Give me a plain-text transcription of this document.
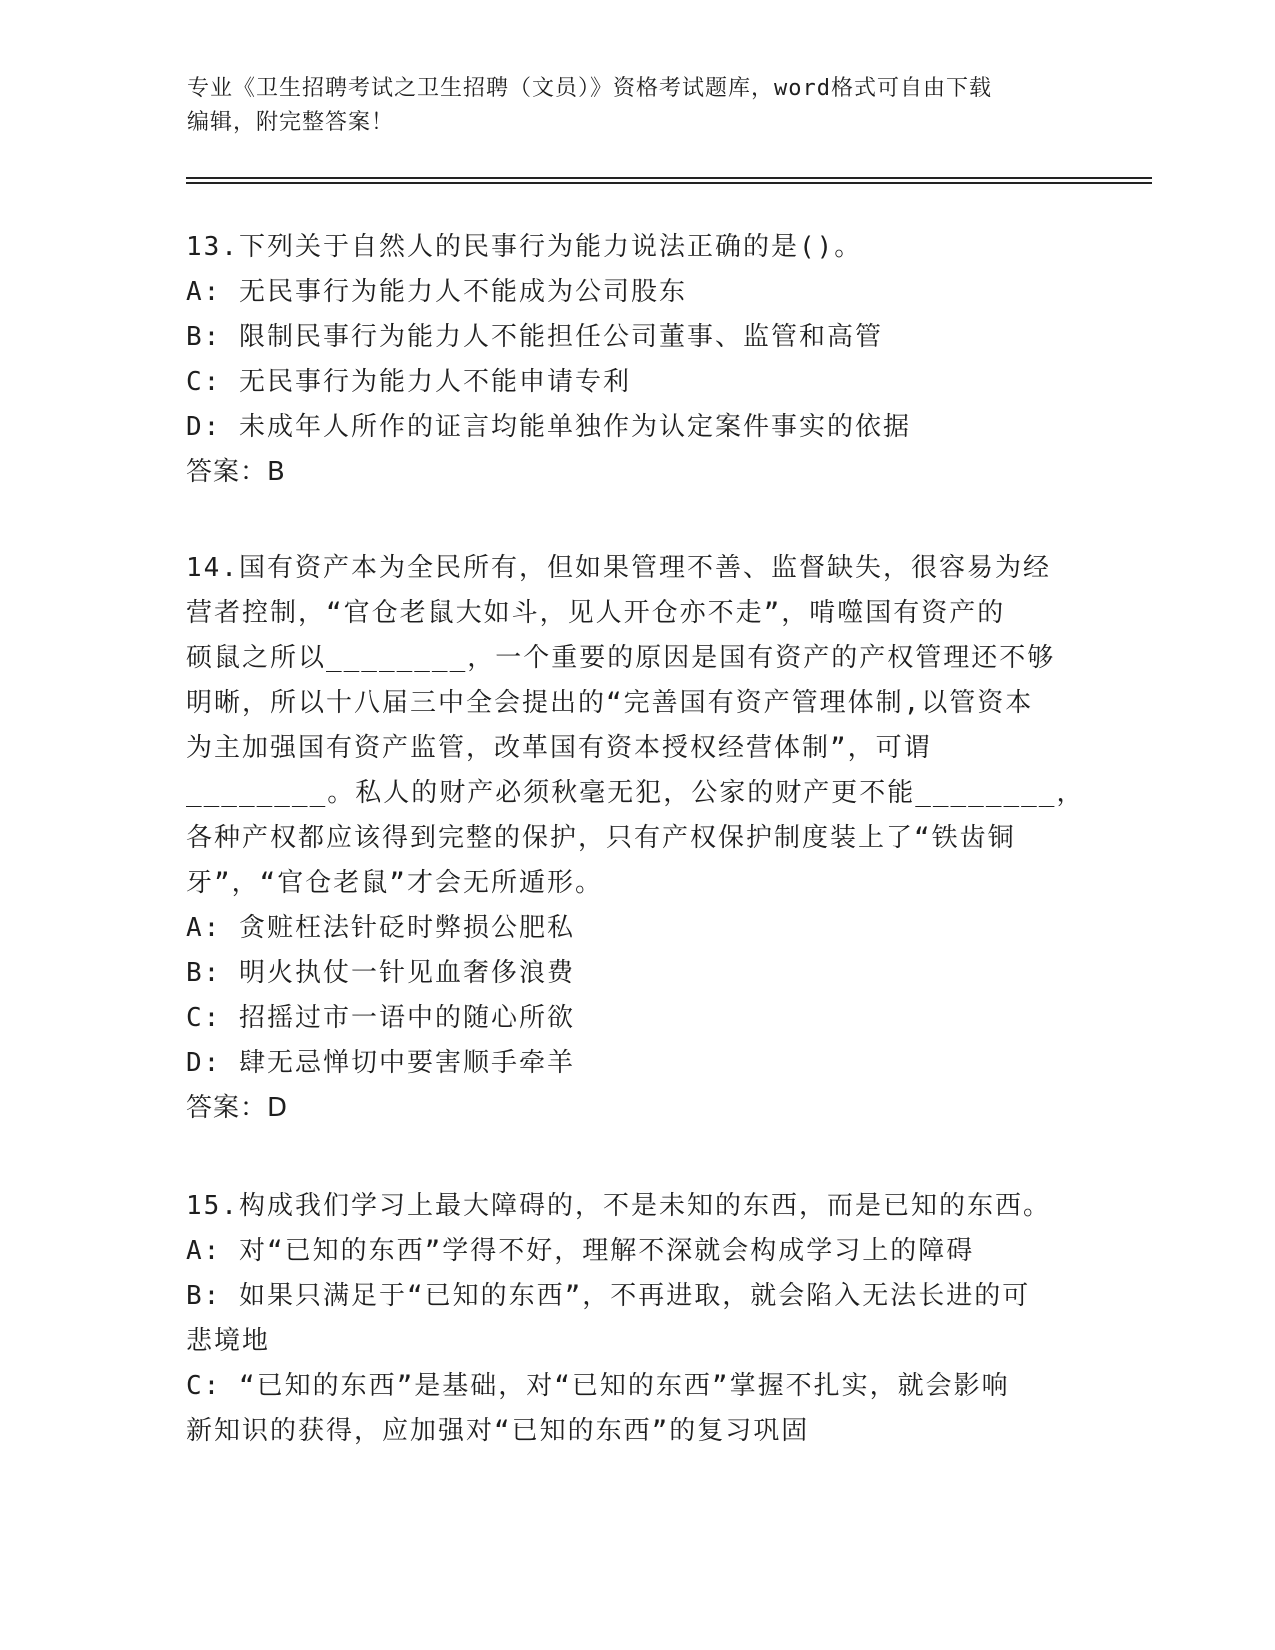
专业《卫生招聘考试之卫生招聘（文员）》资格考试题库，word格式可自由下载
编辑，附完整答案！
13.下列关于自然人的民事行为能力说法正确的是()。
A: 无民事行为能力人不能成为公司股东
B: 限制民事行为能力人不能担任公司董事、监管和高管
C: 无民事行为能力人不能申请专利
D: 未成年人所作的证言均能单独作为认定案件事实的依据
答案：B
14.国有资产本为全民所有，但如果管理不善、监督缺失，很容易为经
营者控制，“官仓老鼠大如斗，见人开仓亦不走”，啃噬国有资产的
硕鼠之所以________，一个重要的原因是国有资产的产权管理还不够
明晰，所以十八届三中全会提出的“完善国有资产管理体制,以管资本
为主加强国有资产监管，改革国有资本授权经营体制”，可谓
________。私人的财产必须秋毫无犯，公家的财产更不能________，
各种产权都应该得到完整的保护，只有产权保护制度装上了“铁齿铜
牙”，“官仓老鼠”才会无所遁形。
A: 贪赃枉法针砭时弊损公肥私
B: 明火执仗一针见血奢侈浪费
C: 招摇过市一语中的随心所欲
D: 肆无忌惮切中要害顺手牵羊
答案：D
15.构成我们学习上最大障碍的，不是未知的东西，而是已知的东西。
A: 对“已知的东西”学得不好，理解不深就会构成学习上的障碍
B: 如果只满足于“已知的东西”，不再进取，就会陷入无法长进的可
悲境地
C: “已知的东西”是基础，对“已知的东西”掌握不扎实，就会影响
新知识的获得，应加强对“已知的东西”的复习巩固
